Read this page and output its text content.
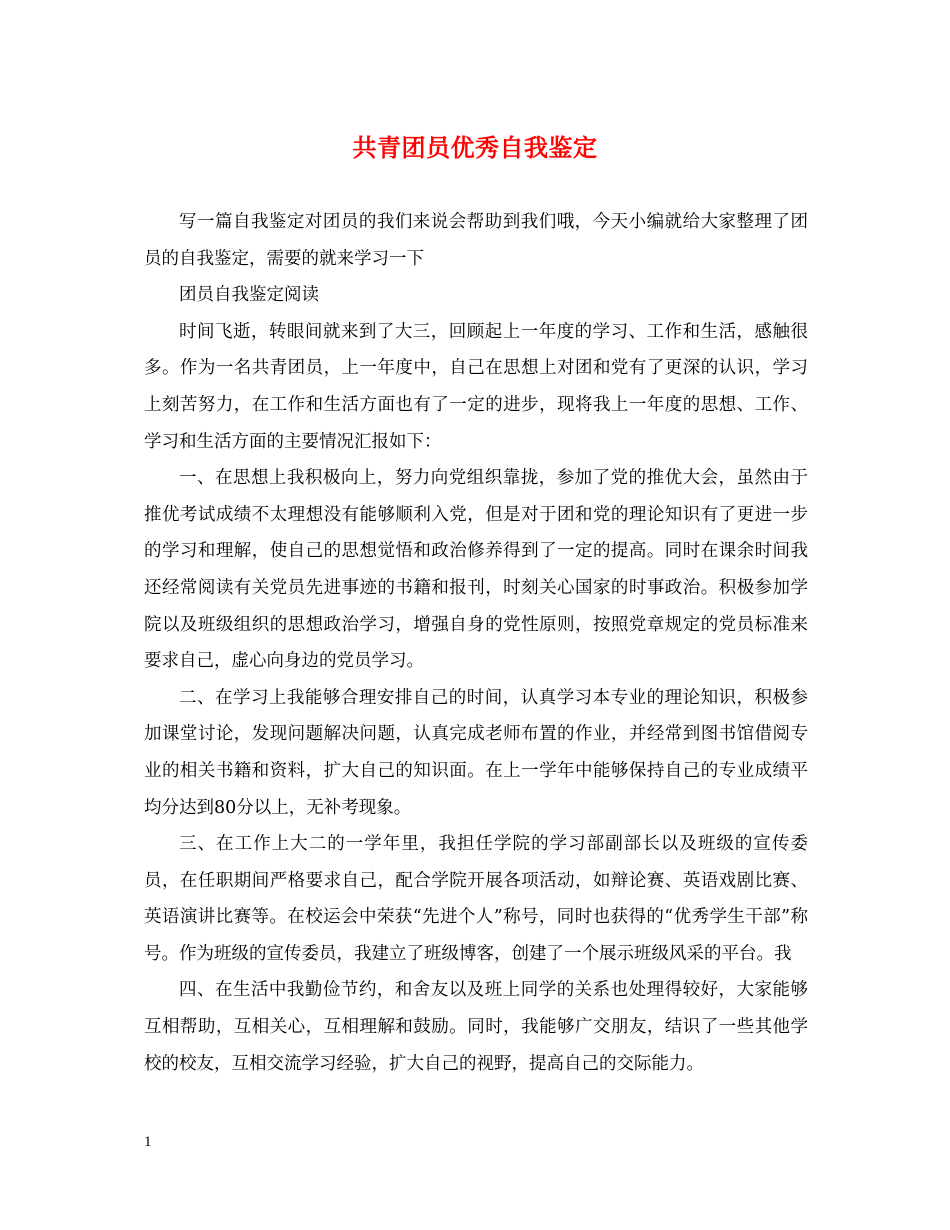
共青团员优秀自我鉴定

写一篇自我鉴定对团员的我们来说会帮助到我们哦，今天小编就给大家整理了团员的自我鉴定，需要的就来学习一下

团员自我鉴定阅读

时间飞逝，转眼间就来到了大三，回顾起上一年度的学习、工作和生活，感触很多。作为一名共青团员，上一年度中，自己在思想上对团和党有了更深的认识，学习上刻苦努力，在工作和生活方面也有了一定的进步，现将我上一年度的思想、工作、学习和生活方面的主要情况汇报如下：

一、在思想上我积极向上，努力向党组织靠拢，参加了党的推优大会，虽然由于推优考试成绩不太理想没有能够顺利入党，但是对于团和党的理论知识有了更进一步的学习和理解，使自己的思想觉悟和政治修养得到了一定的提高。同时在课余时间我还经常阅读有关党员先进事迹的书籍和报刊，时刻关心国家的时事政治。积极参加学院以及班级组织的思想政治学习，增强自身的党性原则，按照党章规定的党员标准来要求自己，虚心向身边的党员学习。

二、在学习上我能够合理安排自己的时间，认真学习本专业的理论知识，积极参加课堂讨论，发现问题解决问题，认真完成老师布置的作业，并经常到图书馆借阅专业的相关书籍和资料，扩大自己的知识面。在上一学年中能够保持自己的专业成绩平均分达到80分以上，无补考现象。

三、在工作上大二的一学年里，我担任学院的学习部副部长以及班级的宣传委员，在任职期间严格要求自己，配合学院开展各项活动，如辩论赛、英语戏剧比赛、英语演讲比赛等。在校运会中荣获“先进个人”称号，同时也获得的“优秀学生干部”称号。作为班级的宣传委员，我建立了班级博客，创建了一个展示班级风采的平台。我

四、在生活中我勤俭节约，和舍友以及班上同学的关系也处理得较好，大家能够互相帮助，互相关心，互相理解和鼓励。同时，我能够广交朋友，结识了一些其他学校的校友，互相交流学习经验，扩大自己的视野，提高自己的交际能力。

1
